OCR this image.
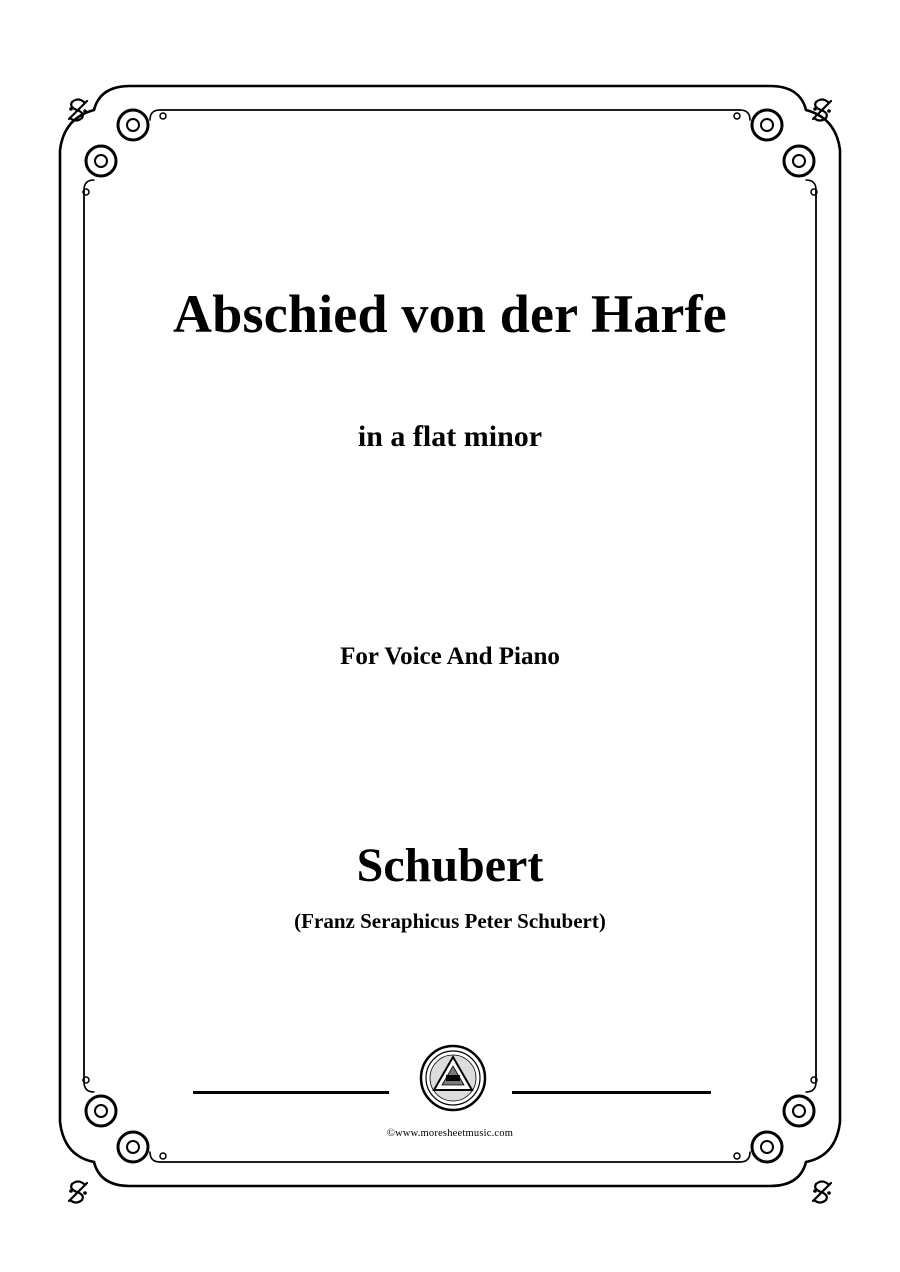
Abschied von der Harfe
in a flat minor
For Voice And Piano
Schubert
(Franz Seraphicus Peter Schubert)
©www.moresheetmusic.com
